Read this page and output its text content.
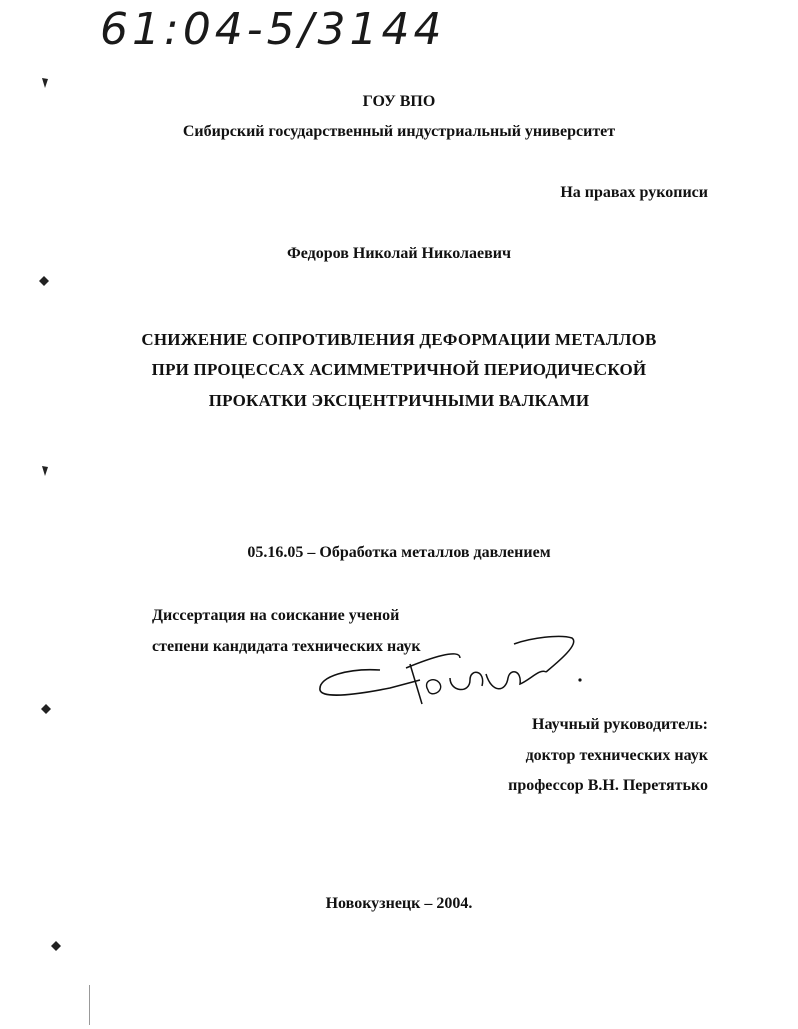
61:04-5/3144
ГОУ ВПО
Сибирский государственный индустриальный университет
На правах рукописи
Федоров Николай Николаевич
СНИЖЕНИЕ СОПРОТИВЛЕНИЯ ДЕФОРМАЦИИ МЕТАЛЛОВ
ПРИ ПРОЦЕССАХ АСИММЕТРИЧНОЙ ПЕРИОДИЧЕСКОЙ
ПРОКАТКИ ЭКСЦЕНТРИЧНЫМИ ВАЛКАМИ
05.16.05 – Обработка металлов давлением
Диссертация на соискание ученой
степени кандидата технических наук
Научный руководитель:
доктор технических наук
профессор В.Н. Перетятько
Новокузнецк – 2004.
